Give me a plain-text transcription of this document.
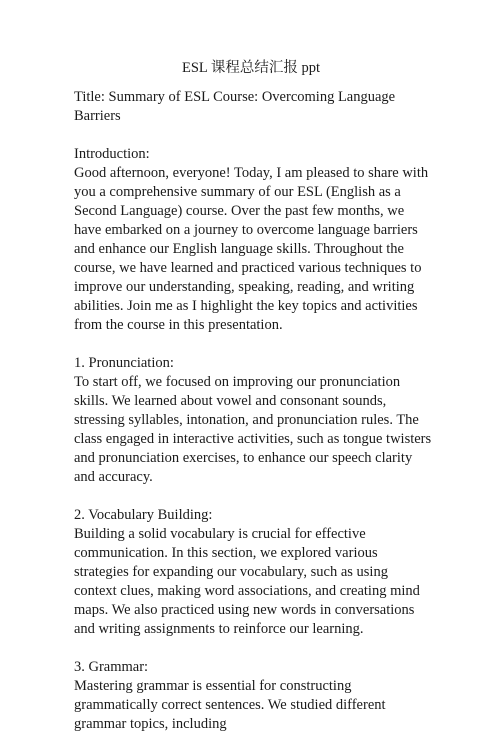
ESL 课程总结汇报 ppt

Title: Summary of ESL Course: Overcoming Language Barriers

Introduction:

Good afternoon, everyone! Today, I am pleased to share with you a comprehensive summary of our ESL (English as a Second Language) course. Over the past few months, we have embarked on a journey to overcome language barriers and enhance our English language skills. Throughout the course, we have learned and practiced various techniques to improve our understanding, speaking, reading, and writing abilities. Join me as I highlight the key topics and activities from the course in this presentation.

1. Pronunciation:

To start off, we focused on improving our pronunciation skills. We learned about vowel and consonant sounds, stressing syllables, intonation, and pronunciation rules. The class engaged in interactive activities, such as tongue twisters and pronunciation exercises, to enhance our speech clarity and accuracy.

2. Vocabulary Building:

Building a solid vocabulary is crucial for effective communication. In this section, we explored various strategies for expanding our vocabulary, such as using context clues, making word associations, and creating mind maps. We also practiced using new words in conversations and writing assignments to reinforce our learning.

3. Grammar:

Mastering grammar is essential for constructing grammatically correct sentences. We studied different grammar topics, including
